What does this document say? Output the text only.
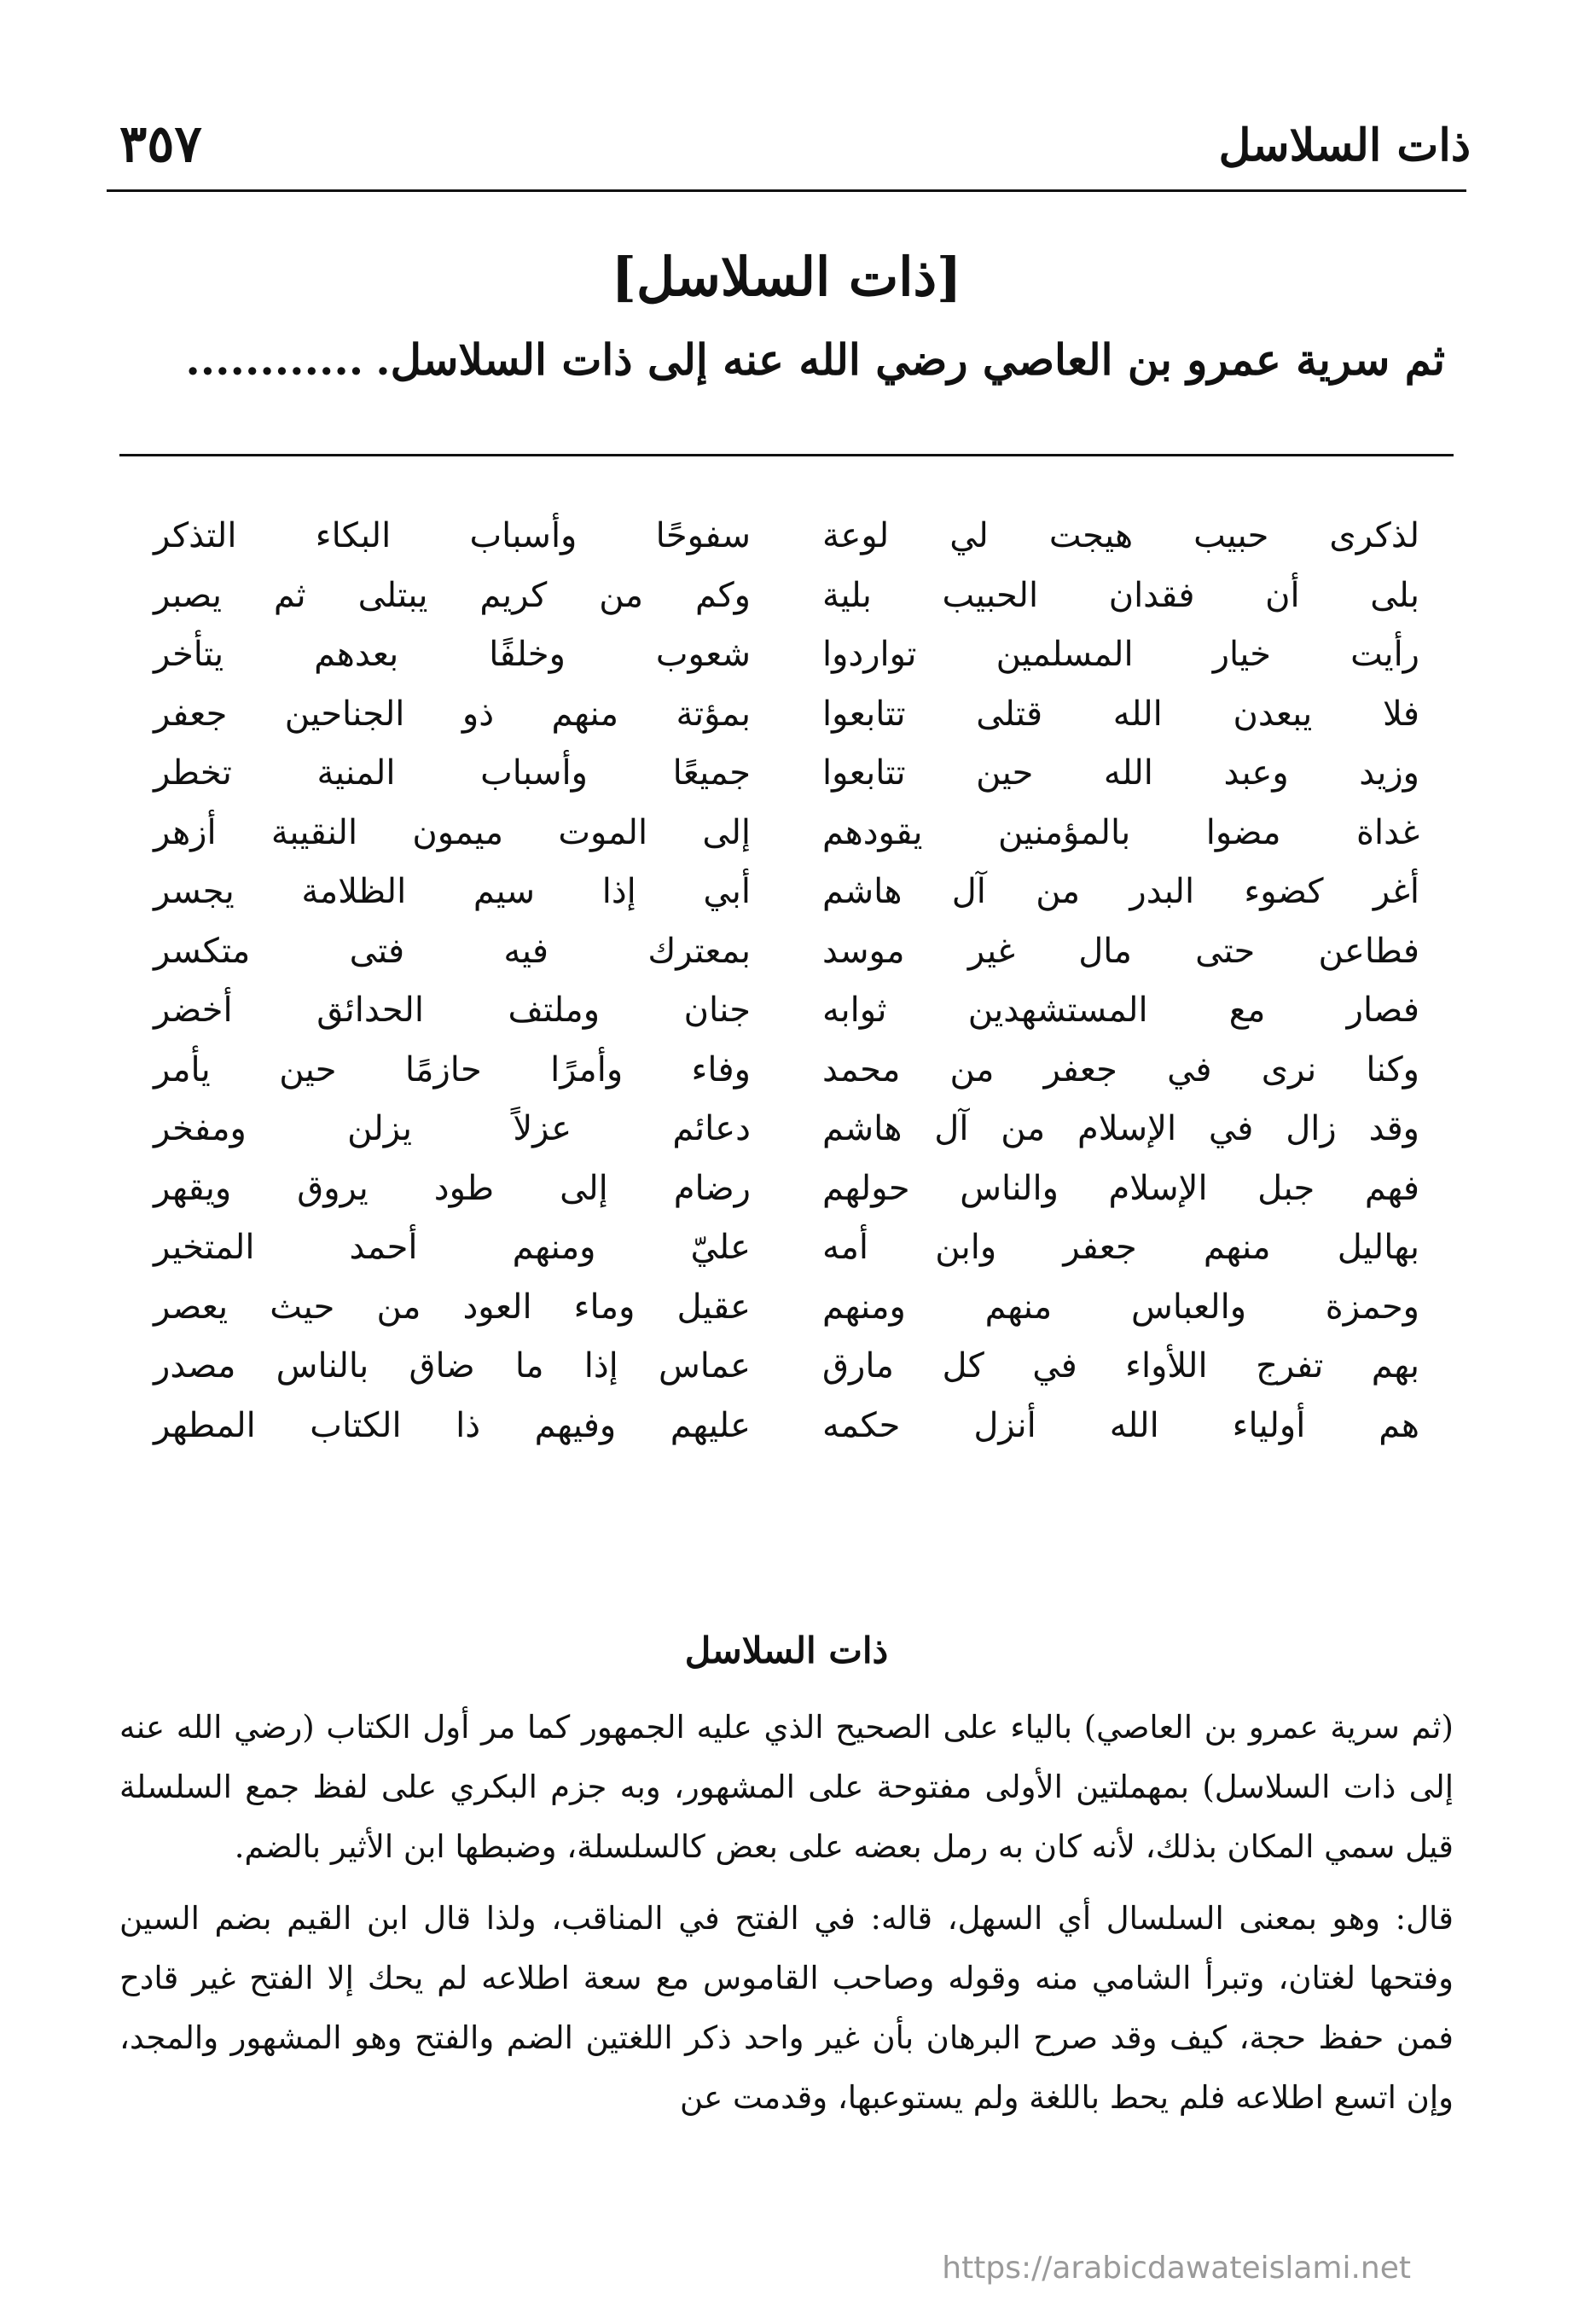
ذات السلاسل
٣٥٧
[ذات السلاسل]
ثم سرية عمرو بن العاصي رضي الله عنه إلى ذات السلاسل.............
لذكرى حبيب هيجت لي لوعة
سفوحًا وأسباب البكاء التذكر
بلى أن فقدان الحبيب بلية
وكم من كريم يبتلى ثم يصبر
رأيت خيار المسلمين تواردوا
شعوب وخلفًا بعدهم يتأخر
فلا يبعدن الله قتلى تتابعوا
بمؤتة منهم ذو الجناحين جعفر
وزيد وعبد الله حين تتابعوا
جميعًا وأسباب المنية تخطر
غداة مضوا بالمؤمنين يقودهم
إلى الموت ميمون النقيبة أزهر
أغر كضوء البدر من آل هاشم
أبي إذا سيم الظلامة يجسر
فطاعن حتى مال غير موسد
بمعترك فيه فتى متكسر
فصار مع المستشهدين ثوابه
جنان وملتف الحدائق أخضر
وكنا نرى في جعفر من محمد
وفاء وأمرًا حازمًا حين يأمر
وقد زال في الإسلام من آل هاشم
دعائم عزلاً يزلن ومفخر
فهم جبل الإسلام والناس حولهم
رضام إلى طود يروق ويقهر
بهاليل منهم جعفر وابن أمه
عليّ ومنهم أحمد المتخير
وحمزة والعباس منهم ومنهم
عقيل وماء العود من حيث يعصر
بهم تفرج اللأواء في كل مارق
عماس إذا ما ضاق بالناس مصدر
هم أولياء الله أنزل حكمه
عليهم وفيهم ذا الكتاب المطهر
ذات السلاسل

(ثم سرية عمرو بن العاصي) بالياء على الصحيح الذي عليه الجمهور كما مر أول الكتاب (رضي الله عنه إلى ذات السلاسل) بمهملتين الأولى مفتوحة على المشهور، وبه جزم البكري على لفظ جمع السلسلة قيل سمي المكان بذلك، لأنه كان به رمل بعضه على بعض كالسلسلة، وضبطها ابن الأثير بالضم.

قال: وهو بمعنى السلسال أي السهل، قاله: في الفتح في المناقب، ولذا قال ابن القيم بضم السين وفتحها لغتان، وتبرأ الشامي منه وقوله وصاحب القاموس مع سعة اطلاعه لم يحك إلا الفتح غير قادح فمن حفظ حجة، كيف وقد صرح البرهان بأن غير واحد ذكر اللغتين الضم والفتح وهو المشهور والمجد، وإن اتسع اطلاعه فلم يحط باللغة ولم يستوعبها، وقدمت عن

https://arabicdawateislami.net
